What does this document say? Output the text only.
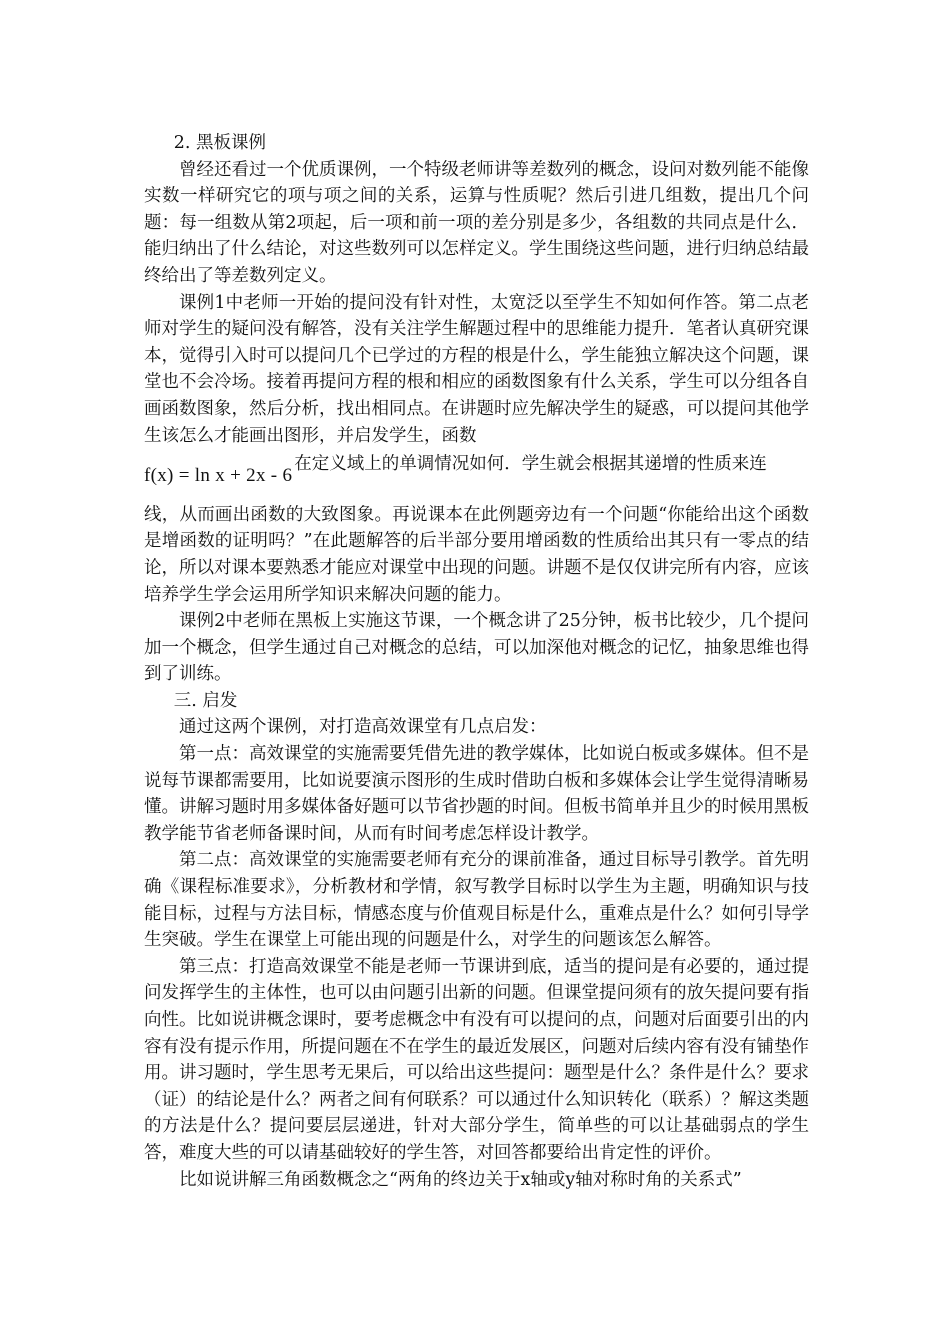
2. 黑板课例

曾经还看过一个优质课例，一个特级老师讲等差数列的概念，设问对数列能不能像实数一样研究它的项与项之间的关系，运算与性质呢？然后引进几组数，提出几个问题：每一组数从第2项起，后一项和前一项的差分别是多少，各组数的共同点是什么．能归纳出了什么结论，对这些数列可以怎样定义。学生围绕这些问题，进行归纳总结最终给出了等差数列定义。

课例1中老师一开始的提问没有针对性，太宽泛以至学生不知如何作答。第二点老师对学生的疑问没有解答，没有关注学生解题过程中的思维能力提升．笔者认真研究课本，觉得引入时可以提问几个已学过的方程的根是什么，学生能独立解决这个问题，课堂也不会冷场。接着再提问方程的根和相应的函数图象有什么关系，学生可以分组各自画函数图象，然后分析，找出相同点。在讲题时应先解决学生的疑惑，可以提问其他学生该怎么才能画出图形，并启发学生，函数
f(x) = ln x + 2x - 6在定义域上的单调情况如何．学生就会根据其递增的性质来连
线，从而画出函数的大致图象。再说课本在此例题旁边有一个问题“你能给出这个函数是增函数的证明吗？”在此题解答的后半部分要用增函数的性质给出其只有一零点的结论，所以对课本要熟悉才能应对课堂中出现的问题。讲题不是仅仅讲完所有内容，应该培养学生学会运用所学知识来解决问题的能力。

课例2中老师在黑板上实施这节课，一个概念讲了25分钟，板书比较少，几个提问加一个概念，但学生通过自己对概念的总结，可以加深他对概念的记忆，抽象思维也得到了训练。

三. 启发

通过这两个课例，对打造高效课堂有几点启发：

第一点：高效课堂的实施需要凭借先进的教学媒体，比如说白板或多媒体。但不是说每节课都需要用，比如说要演示图形的生成时借助白板和多媒体会让学生觉得清晰易懂。讲解习题时用多媒体备好题可以节省抄题的时间。但板书简单并且少的时候用黑板教学能节省老师备课时间，从而有时间考虑怎样设计教学。

第二点：高效课堂的实施需要老师有充分的课前准备，通过目标导引教学。首先明确《课程标准要求》，分析教材和学情，叙写教学目标时以学生为主题，明确知识与技能目标，过程与方法目标，情感态度与价值观目标是什么，重难点是什么？如何引导学生突破。学生在课堂上可能出现的问题是什么，对学生的问题该怎么解答。

第三点：打造高效课堂不能是老师一节课讲到底，适当的提问是有必要的，通过提问发挥学生的主体性，也可以由问题引出新的问题。但课堂提问须有的放矢提问要有指向性。比如说讲概念课时，要考虑概念中有没有可以提问的点，问题对后面要引出的内容有没有提示作用，所提问题在不在学生的最近发展区，问题对后续内容有没有铺垫作用。讲习题时，学生思考无果后，可以给出这些提问：题型是什么？条件是什么？要求（证）的结论是什么？两者之间有何联系？可以通过什么知识转化（联系）？解这类题的方法是什么？提问要层层递进，针对大部分学生，简单些的可以让基础弱点的学生答，难度大些的可以请基础较好的学生答，对回答都要给出肯定性的评价。

比如说讲解三角函数概念之“两角的终边关于x轴或y轴对称时角的关系式”
